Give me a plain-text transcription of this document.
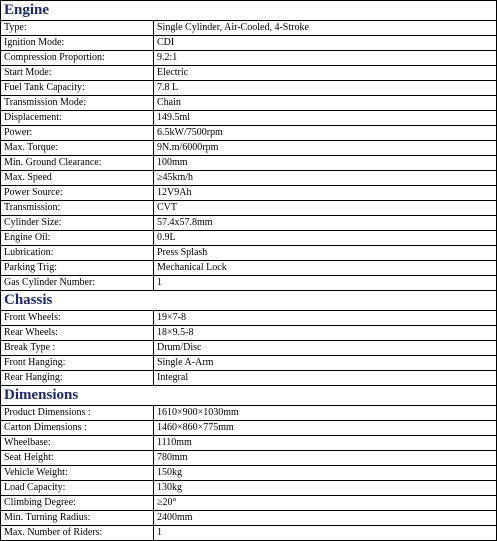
Engine
Type:	Single Cylinder, Air-Cooled, 4-Stroke
Ignition Mode:	CDI
Compression Proportion:	9.2:1
Start Mode:	Electric
Fuel Tank Capacity:	7.8 L
Transmission Mode:	Chain
Displacement:	149.5ml
Power:	6.5kW/7500rpm
Max. Torque:	9N.m/6000rpm
Min. Ground Clearance:	100mm
Max. Speed	≥45km/h
Power Source:	12V9Ah
Transmission:	CVT
Cylinder Size:	57.4x57.8mm
Engine Oil:	0.9L
Lubrication:	Press Splash
Parking Trig:	Mechanical Lock
Gas Cylinder Number:	1
Chassis
Front Wheels:	19×7-8
Rear Wheels:	18×9.5-8
Break Type :	Drum/Disc
Front Hanging:	Single A-Arm
Rear Hanging:	Integral
Dimensions
Product Dimensions :	1610×900×1030mm
Carton Dimensions :	1460×860×775mm
Wheelbase:	1110mm
Seat Height:	780mm
Vehicle Weight:	150kg
Load Capacity:	130kg
Climbing Degree:	≥20°
Min. Turning Radius:	2400mm
Max. Number of Riders:	1
